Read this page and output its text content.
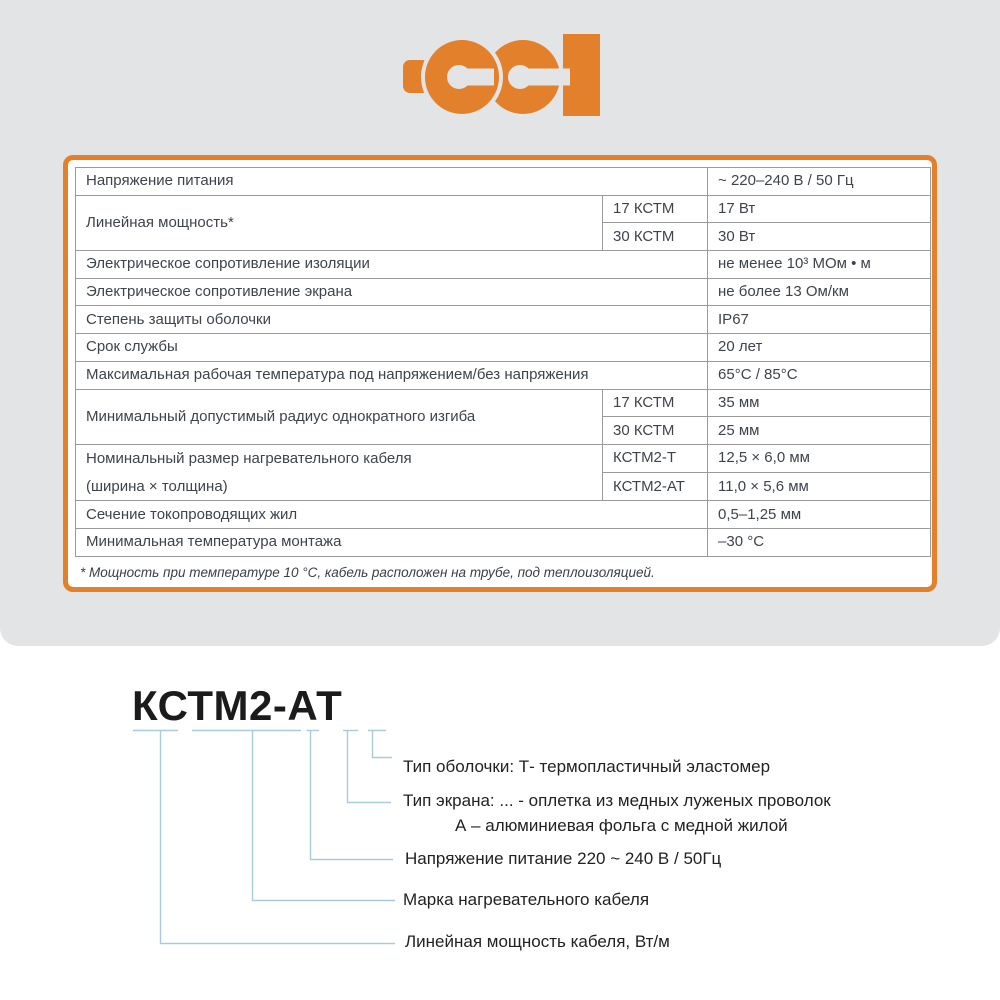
Напряжение питания		~ 220–240 В / 50 Гц
Линейная мощность*	17 КСТМ	17 Вт
	30 КСТМ	30 Вт
Электрическое сопротивление изоляции		не менее 10³ МОм • м
Электрическое сопротивление экрана		не более 13 Ом/км
Степень защиты оболочки		IP67
Срок службы		20 лет
Максимальная рабочая температура под напряжением/без напряжения		65°С / 85°С
Минимальный допустимый радиус однократного изгиба	17 КСТМ	35 мм
	30 КСТМ	25 мм

Номинальный размер нагревательного кабеля
(ширина × толщина)	КСТМ2-Т	12,5 × 6,0 мм
	КСТМ2-АТ	11,0 × 5,6 мм
Сечение токопроводящих жил		0,5–1,25 мм
Минимальная температура монтажа		–30 °С
* Мощность при температуре 10 °С, кабель расположен на трубе, под теплоизоляцией.
КСТМ2-АТ
Тип оболочки: Т- термопластичный эластомер
Тип экрана: ... - оплетка из медных луженых проволок
А – алюминиевая фольга с медной жилой
Напряжение питание 220 ~ 240 В / 50Гц
Марка нагревательного кабеля
Линейная мощность кабеля, Вт/м
